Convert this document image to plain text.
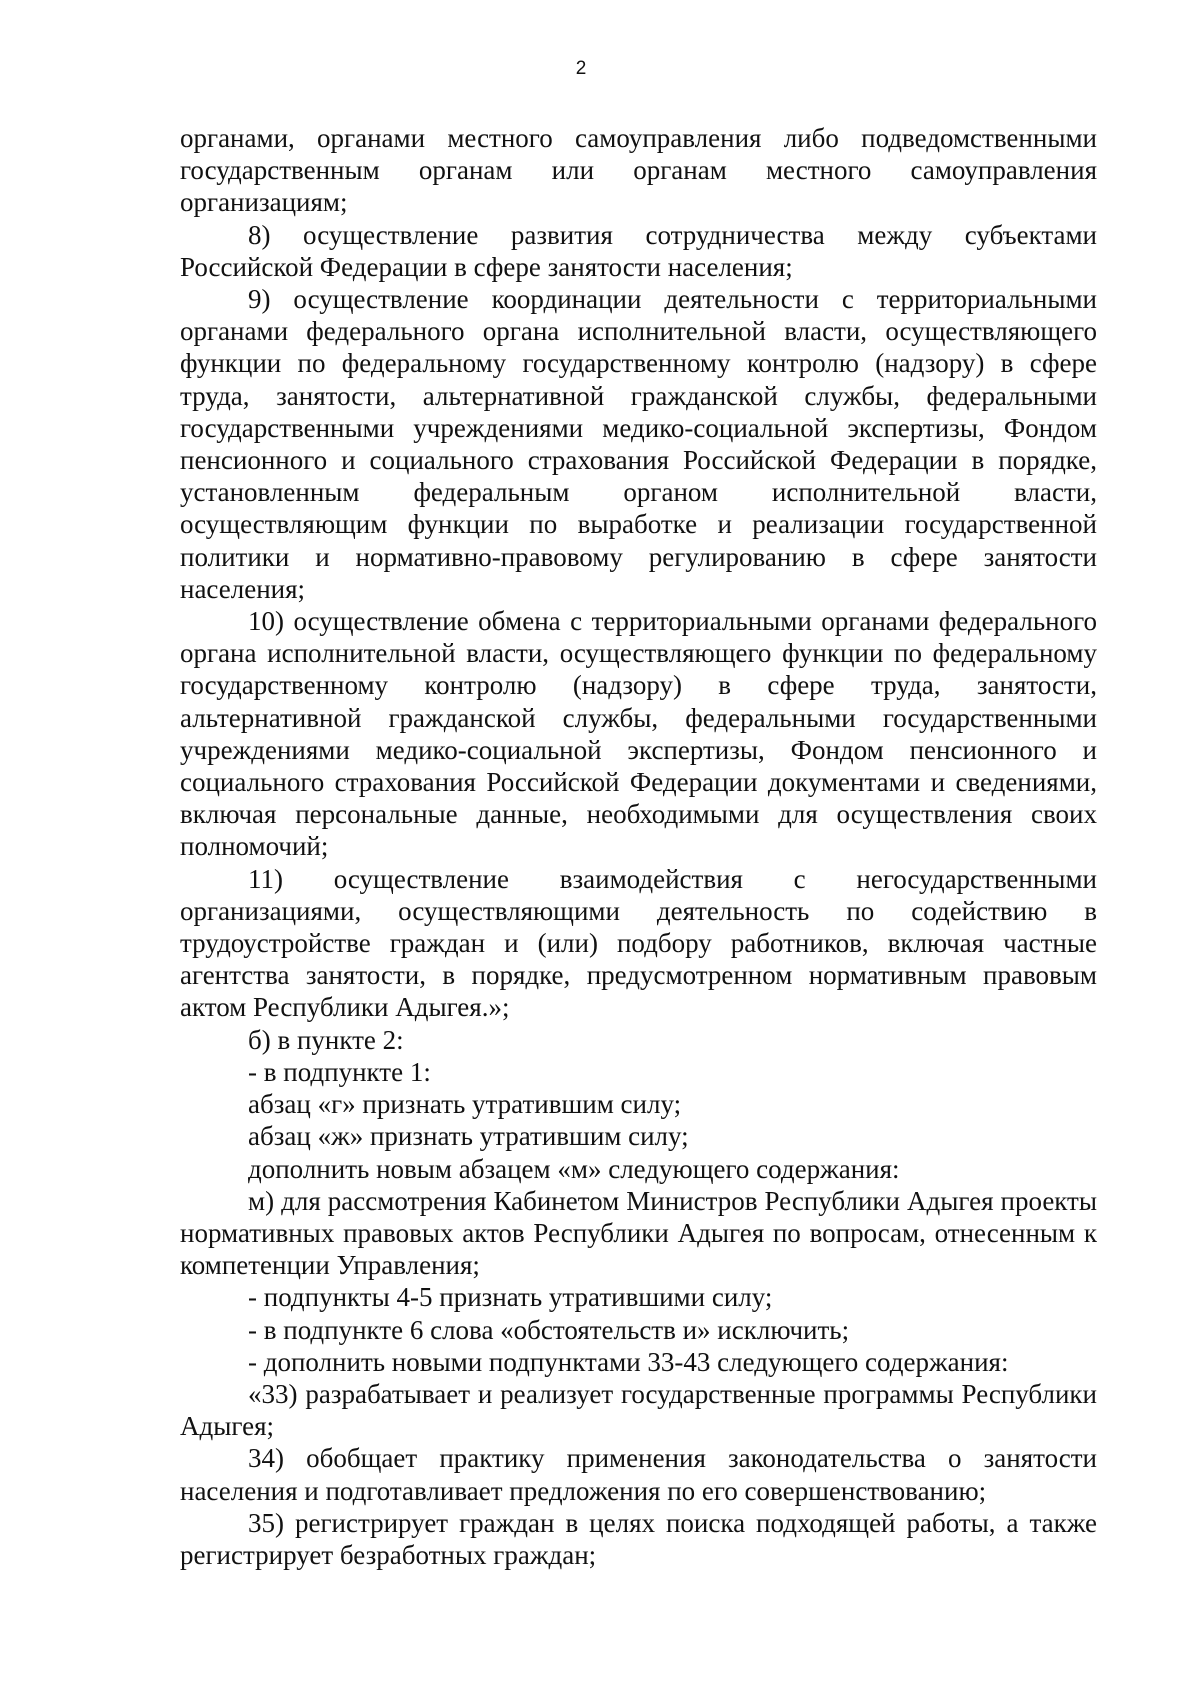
2

органами, органами местного самоуправления либо подведомственными государственным органам или органам местного самоуправления организациям;

8) осуществление развития сотрудничества между субъектами Российской Федерации в сфере занятости населения;

9) осуществление координации деятельности с территориальными органами федерального органа исполнительной власти, осуществляющего функции по федеральному государственному контролю (надзору) в сфере труда, занятости, альтернативной гражданской службы, федеральными государственными учреждениями медико-социальной экспертизы, Фондом пенсионного и социального страхования Российской Федерации в порядке, установленным федеральным органом исполнительной власти, осуществляющим функции по выработке и реализации государственной политики и нормативно-правовому регулированию в сфере занятости населения;

10) осуществление обмена с территориальными органами федерального органа исполнительной власти, осуществляющего функции по федеральному государственному контролю (надзору) в сфере труда, занятости, альтернативной гражданской службы, федеральными государственными учреждениями медико-социальной экспертизы, Фондом пенсионного и социального страхования Российской Федерации документами и сведениями, включая персональные данные, необходимыми для осуществления своих полномочий;

11) осуществление взаимодействия с негосударственными организациями, осуществляющими деятельность по содействию в трудоустройстве граждан и (или) подбору работников, включая частные агентства занятости, в порядке, предусмотренном нормативным правовым актом Республики Адыгея.»;

б) в пункте 2:

- в подпункте 1:

абзац «г» признать утратившим силу;

абзац «ж» признать утратившим силу;

дополнить новым абзацем «м» следующего содержания:

м) для рассмотрения Кабинетом Министров Республики Адыгея проекты нормативных правовых актов Республики Адыгея по вопросам, отнесенным к компетенции Управления;

- подпункты 4-5 признать утратившими силу;

- в подпункте 6 слова «обстоятельств и» исключить;

- дополнить новыми подпунктами 33-43 следующего содержания:

«33) разрабатывает и реализует государственные программы Республики Адыгея;

34) обобщает практику применения законодательства о занятости населения и подготавливает предложения по его совершенствованию;

35) регистрирует граждан в целях поиска подходящей работы, а также регистрирует безработных граждан;
